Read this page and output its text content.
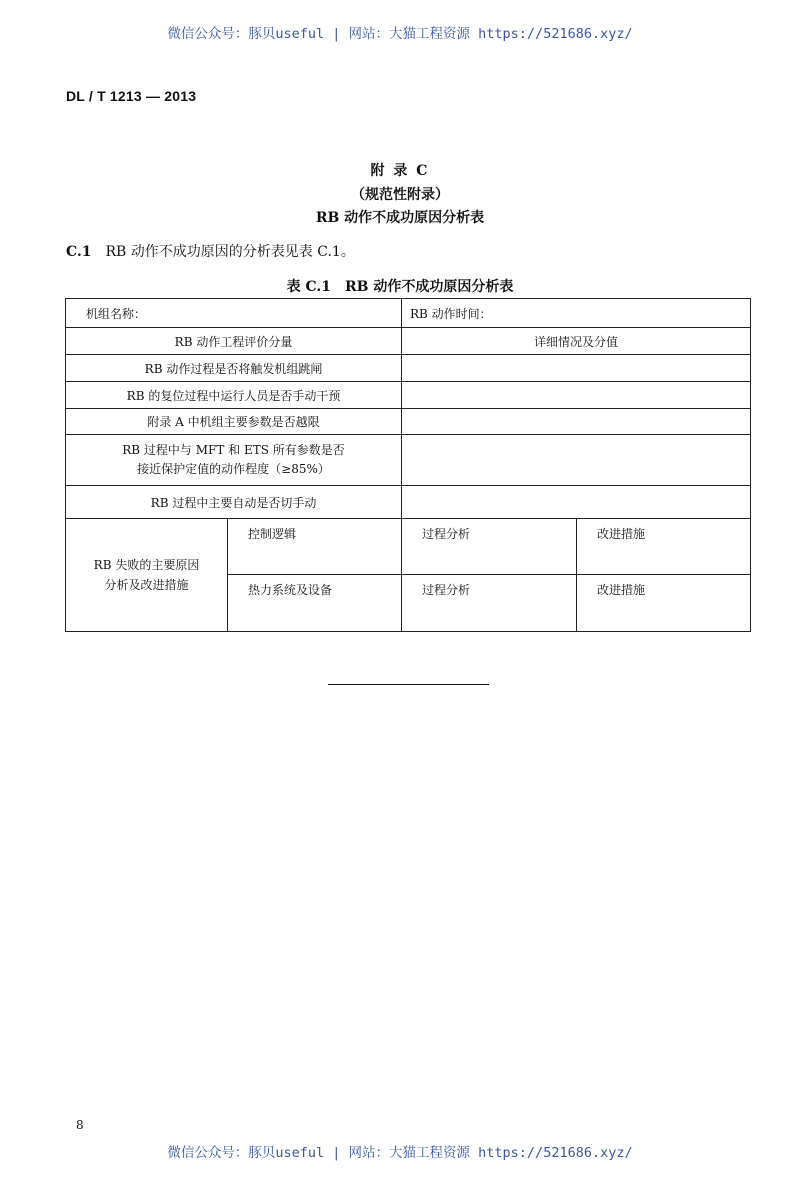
微信公众号：豚贝useful | 网站：大猫工程资源 https://521686.xyz/
DL / T 1213 — 2013
附 录 C
（规范性附录）
RB 动作不成功原因分析表
C.1 RB 动作不成功原因的分析表见表 C.1。
表 C.1　RB 动作不成功原因分析表
机组名称：		RB 动作时间：	
RB 动作工程评价分量		详细情况及分值	
RB 动作过程是否将触发机组跳闸			
RB 的复位过程中运行人员是否手动干预			
附录 A 中机组主要参数是否越限			

RB 过程中与 MFT 和 ETS 所有参数是否
接近保护定值的动作程度（≥85%）			

RB 过程中主要自动是否切手动			

RB 失败的主要原因
分析及改进措施	控制逻辑	过程分析	改进措施
	热力系统及设备	过程分析	改进措施
8
微信公众号：豚贝useful | 网站：大猫工程资源 https://521686.xyz/
